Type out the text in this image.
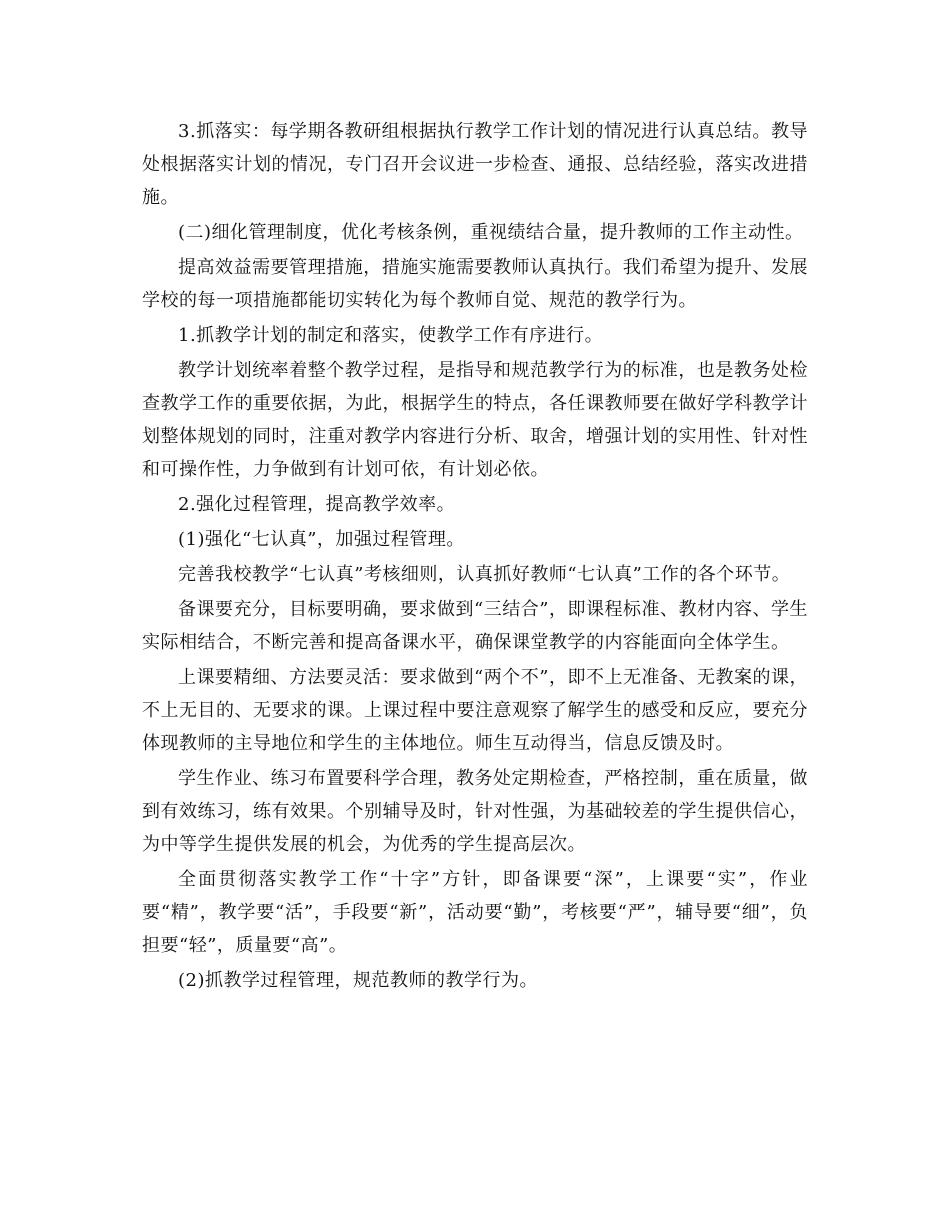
3.抓落实：每学期各教研组根据执行教学工作计划的情况进行认真总结。教导处根据落实计划的情况，专门召开会议进一步检查、通报、总结经验，落实改进措施。

(二)细化管理制度，优化考核条例，重视绩结合量，提升教师的工作主动性。

提高效益需要管理措施，措施实施需要教师认真执行。我们希望为提升、发展学校的每一项措施都能切实转化为每个教师自觉、规范的教学行为。

1.抓教学计划的制定和落实，使教学工作有序进行。

教学计划统率着整个教学过程，是指导和规范教学行为的标准，也是教务处检查教学工作的重要依据，为此，根据学生的特点，各任课教师要在做好学科教学计划整体规划的同时，注重对教学内容进行分析、取舍，增强计划的实用性、针对性和可操作性，力争做到有计划可依，有计划必依。

2.强化过程管理，提高教学效率。

(1)强化“七认真”，加强过程管理。

完善我校教学“七认真”考核细则，认真抓好教师“七认真”工作的各个环节。

备课要充分，目标要明确，要求做到“三结合”，即课程标准、教材内容、学生实际相结合，不断完善和提高备课水平，确保课堂教学的内容能面向全体学生。

上课要精细、方法要灵活：要求做到“两个不”，即不上无准备、无教案的课，不上无目的、无要求的课。上课过程中要注意观察了解学生的感受和反应，要充分体现教师的主导地位和学生的主体地位。师生互动得当，信息反馈及时。

学生作业、练习布置要科学合理，教务处定期检查，严格控制，重在质量，做到有效练习，练有效果。个别辅导及时，针对性强，为基础较差的学生提供信心，为中等学生提供发展的机会，为优秀的学生提高层次。

全面贯彻落实教学工作“十字”方针，即备课要“深”，上课要“实”，作业要“精”，教学要“活”，手段要“新”，活动要“勤”，考核要“严”，辅导要“细”，负担要“轻”，质量要“高”。

(2)抓教学过程管理，规范教师的教学行为。
